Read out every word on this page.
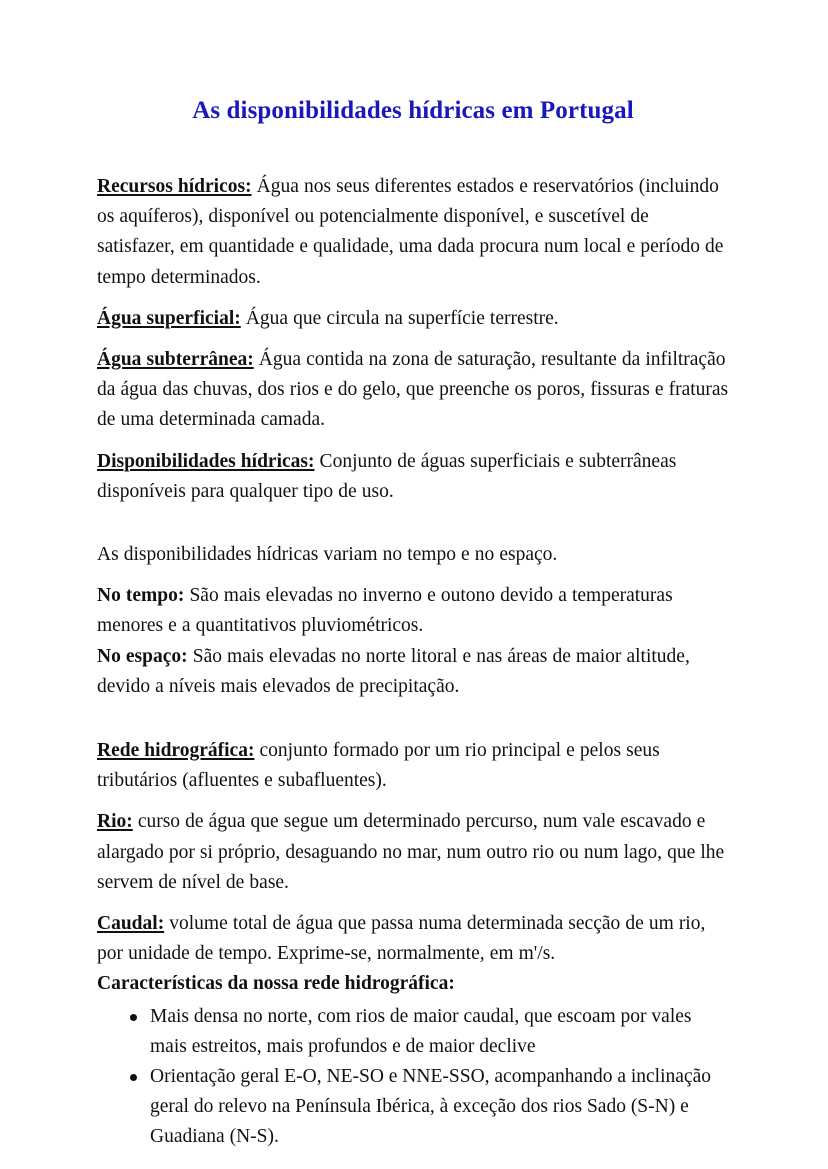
As disponibilidades hídricas em Portugal

Recursos hídricos: Água nos seus diferentes estados e reservatórios (incluindo os aquíferos), disponível ou potencialmente disponível, e suscetível de satisfazer, em quantidade e qualidade, uma dada procura num local e período de tempo determinados.

Água superficial: Água que circula na superfície terrestre.

Água subterrânea: Água contida na zona de saturação, resultante da infiltração da água das chuvas, dos rios e do gelo, que preenche os poros, fissuras e fraturas de uma determinada camada.

Disponibilidades hídricas: Conjunto de águas superficiais e subterrâneas disponíveis para qualquer tipo de uso.

As disponibilidades hídricas variam no tempo e no espaço.

No tempo: São mais elevadas no inverno e outono devido a temperaturas menores e a quantitativos pluviométricos.

No espaço: São mais elevadas no norte litoral e nas áreas de maior altitude, devido a níveis mais elevados de precipitação.

Rede hidrográfica: conjunto formado por um rio principal e pelos seus tributários (afluentes e subafluentes).

Rio: curso de água que segue um determinado percurso, num vale escavado e alargado por si próprio, desaguando no mar, num outro rio ou num lago, que lhe servem de nível de base.

Caudal: volume total de água que passa numa determinada secção de um rio, por unidade de tempo. Exprime-se, normalmente, em m'/s.

Características da nossa rede hidrográfica:

Mais densa no norte, com rios de maior caudal, que escoam por vales mais estreitos, mais profundos e de maior declive
Orientação geral E-O, NE-SO e NNE-SSO, acompanhando a inclinação geral do relevo na Península Ibérica, à exceção dos rios Sado (S-N) e Guadiana (N-S).
